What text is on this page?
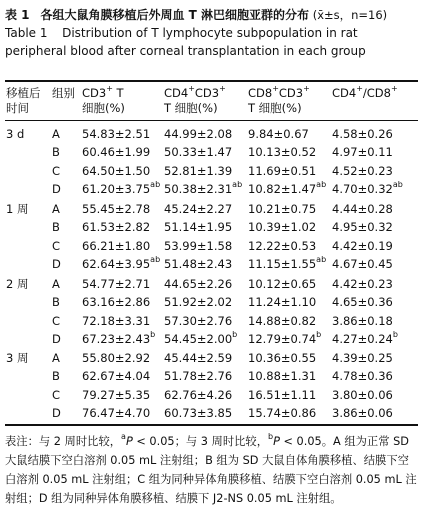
表 1 各组大鼠角膜移植后外周血 T 淋巴细胞亚群的分布 (x̄±s，n=16)
Table 1 Distribution of T lymphocyte subpopulation in rat
peripheral blood after corneal transplantation in each group
移植后
时间
组别 CD3+ T
细胞(%)
CD4+CD3+
T 细胞(%)
CD8+CD3+
T 细胞(%)
CD4+/CD8+
3 d A 54.83±2.51 44.99±2.08 9.84±0.67 4.58±0.26
B 60.46±1.99 50.33±1.47 10.13±0.52 4.97±0.11
C 64.50±1.50 52.81±1.39 11.69±0.51 4.52±0.23
D 61.20±3.75$^{ab}$ 50.38±2.31$^{ab}$ 10.82±1.47$^{ab}$ 4.70±0.32$^{ab}$
1 周 A 55.45±2.78 45.24±2.27 10.21±0.75 4.44±0.28
B 61.53±2.82 51.14±1.95 10.39±1.02 4.95±0.32
C 66.21±1.80 53.99±1.58 12.22±0.53 4.42±0.19
D 62.64±3.95$^{ab}$ 51.48±2.43 11.15±1.55$^{ab}$ 4.67±0.45
2 周 A 54.77±2.71 44.65±2.26 10.12±0.65 4.42±0.23
B 63.16±2.86 51.92±2.02 11.24±1.10 4.65±0.36
C 72.18±3.31 57.30±2.76 14.88±0.82 3.86±0.18
D 67.23±2.43$^b$ 54.45±2.00$^b$ 12.79±0.74$^b$ 4.27±0.24$^b$
3 周 A 55.80±2.92 45.44±2.59 10.36±0.55 4.39±0.25
B 62.67±4.04 51.78±2.76 10.88±1.31 4.78±0.36
C 79.27±5.35 62.76±4.26 16.51±1.11 3.80±0.06
D 76.47±4.70 60.73±3.85 15.74±0.86 3.86±0.06
表注：与 2 周时比较，$^a$P < 0.05；与 3 周时比较，$^b$P < 0.05。A 组为正常 SD 大鼠结膜下空白溶剂 0.05 mL 注射组；B 组为 SD 大鼠自体角膜移植、结膜下空白溶剂 0.05 mL 注射组；C 组为同种异体角膜移植、结膜下空白溶剂 0.05 mL 注射组；D 组为同种异体角膜移植、结膜下 J2-NS 0.05 mL 注射组。
